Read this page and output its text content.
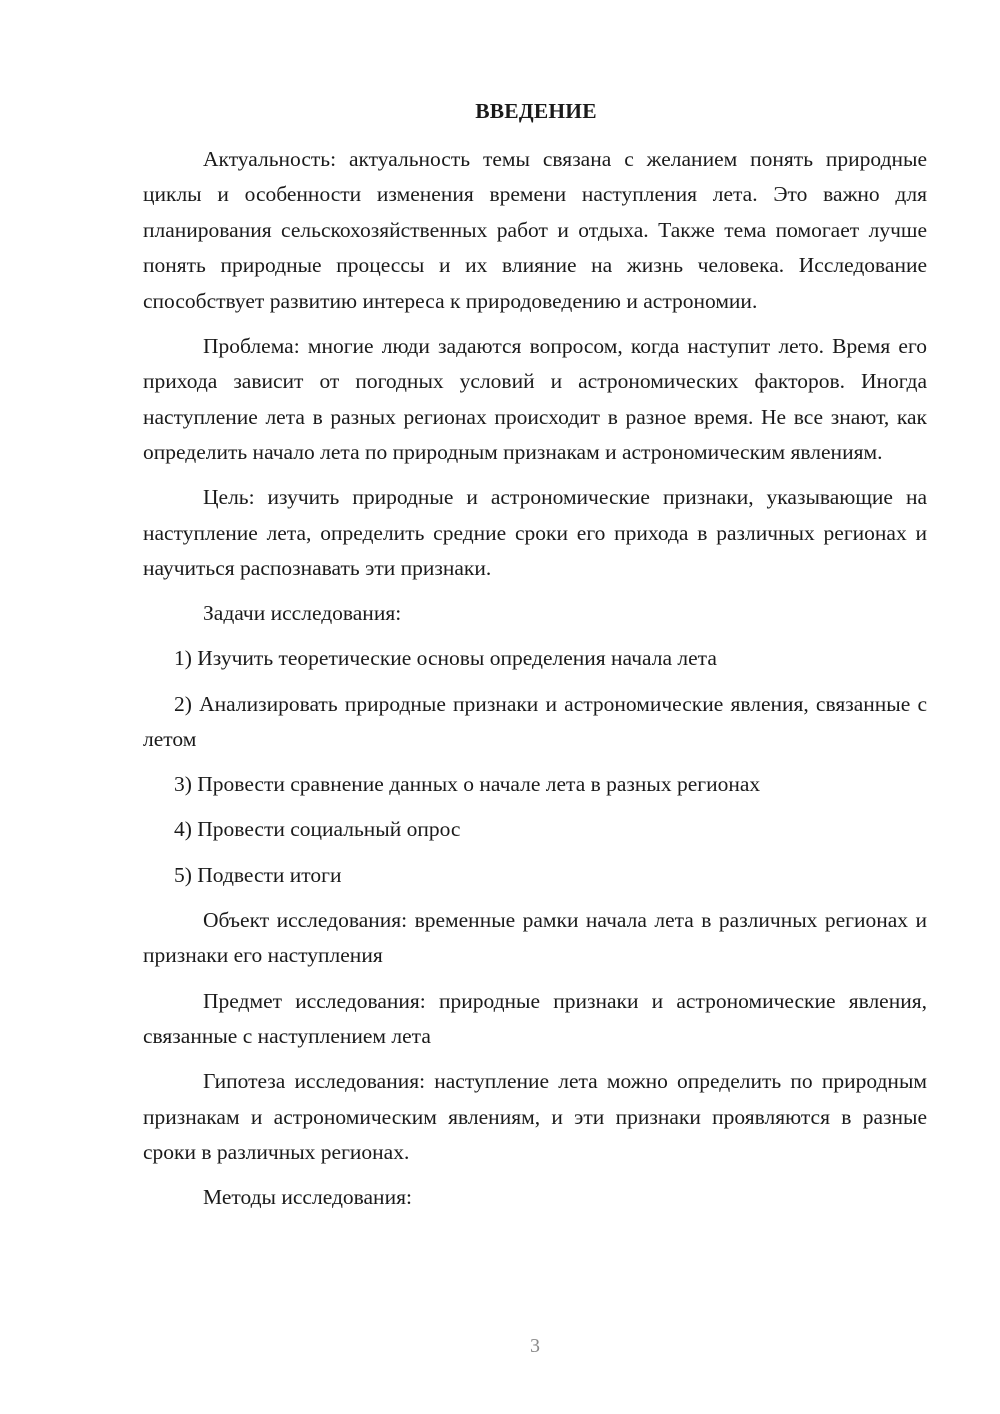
ВВЕДЕНИЕ

Актуальность: актуальность темы связана с желанием понять природные циклы и особенности изменения времени наступления лета. Это важно для планирования сельскохозяйственных работ и отдыха. Также тема помогает лучше понять природные процессы и их влияние на жизнь человека. Исследование способствует развитию интереса к природоведению и астрономии.

Проблема: многие люди задаются вопросом, когда наступит лето. Время его прихода зависит от погодных условий и астрономических факторов. Иногда наступление лета в разных регионах происходит в разное время. Не все знают, как определить начало лета по природным признакам и астрономическим явлениям.

Цель: изучить природные и астрономические признаки, указывающие на наступление лета, определить средние сроки его прихода в различных регионах и научиться распознавать эти признаки.

Задачи исследования:

1) Изучить теоретические основы определения начала лета

2) Анализировать природные признаки и астрономические явления, связанные с летом

3) Провести сравнение данных о начале лета в разных регионах

4) Провести социальный опрос

5) Подвести итоги

Объект исследования: временные рамки начала лета в различных регионах и признаки его наступления

Предмет исследования: природные признаки и астрономические явления, связанные с наступлением лета

Гипотеза исследования: наступление лета можно определить по природным признакам и астрономическим явлениям, и эти признаки проявляются в разные сроки в различных регионах.

Методы исследования:

3
